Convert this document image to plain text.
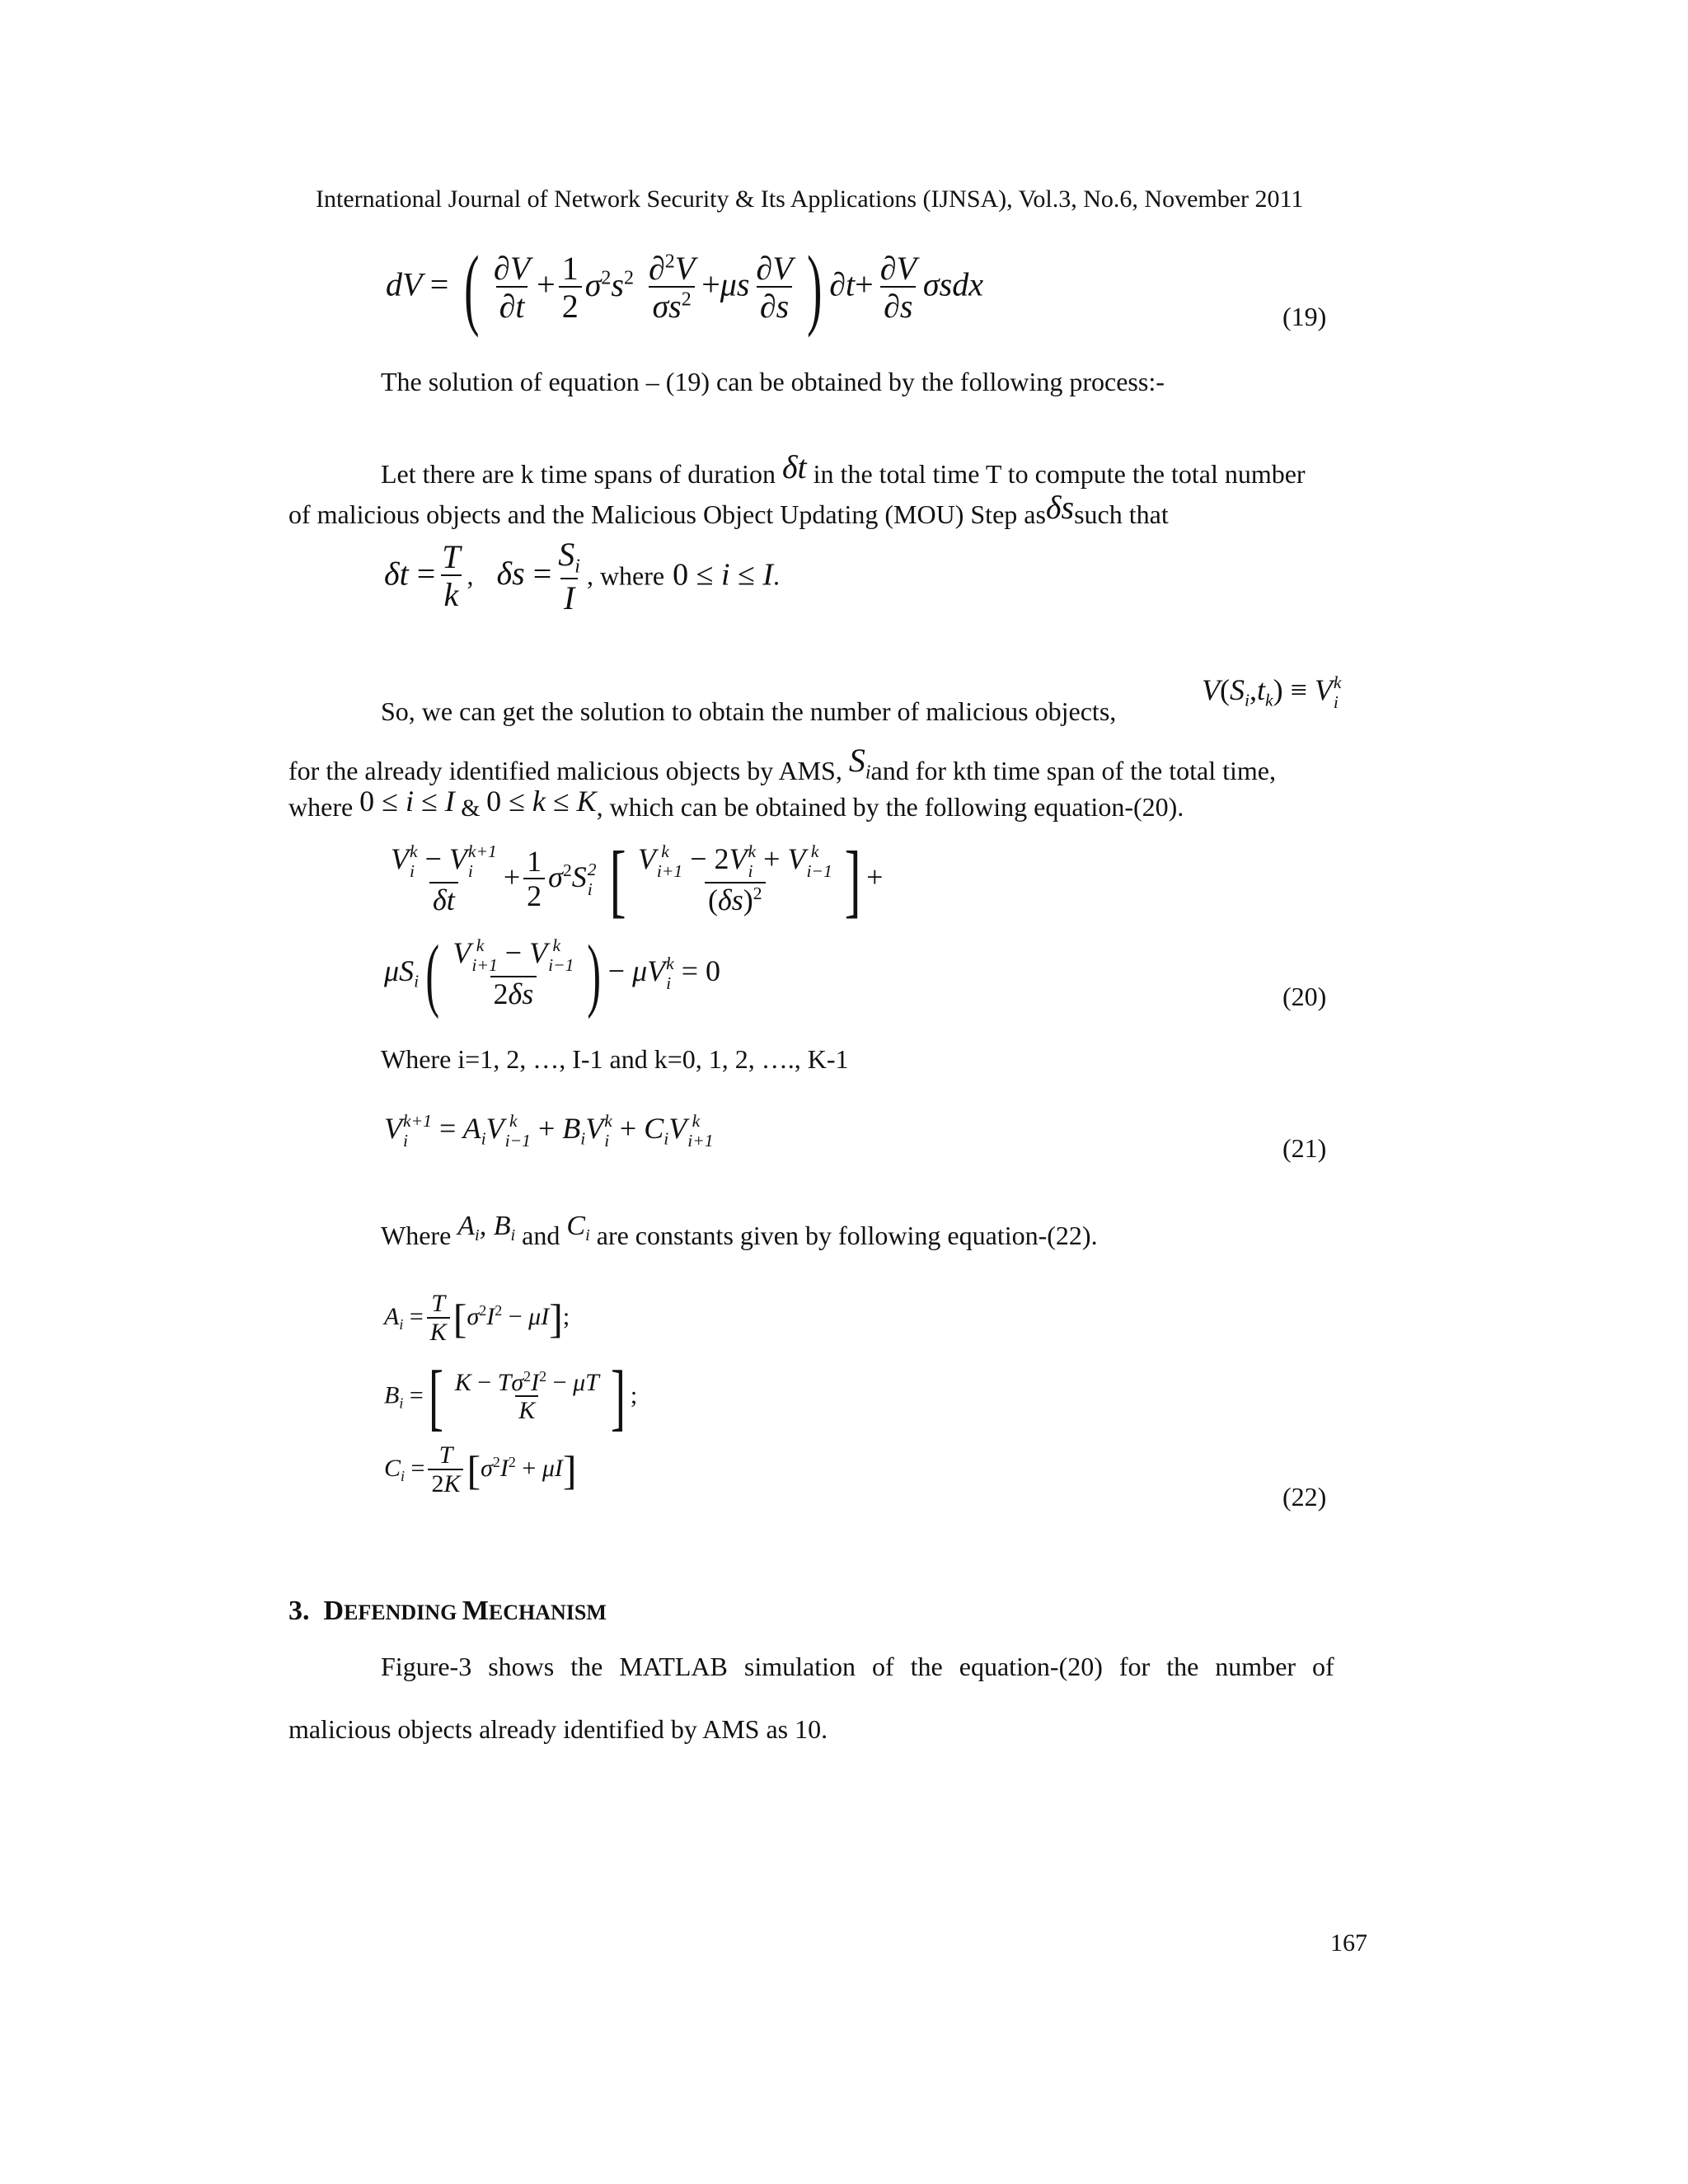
International Journal of Network Security & Its Applications (IJNSA), Vol.3, No.6, November 2011
dV = ( $\frac{\partial V}{\partial t} + \frac{1}{2} \sigma^2s^2 \frac{\partial^2V}{\sigma s^2} +\mu s \frac{\partial V}{\partial s}$ ) $\partial t+ \frac{\partial V}{\partial s}$ σsdx
(19)
The solution of equation – (19) can be obtained by the following process:-
Let there are k time spans of duration δt in the total time T to compute the total number
of malicious objects and the Malicious Object Updating (MOU) Step asδssuch that
$\delta t = \frac{T}{k}$ , $\delta s = \frac{S_i}{I}$ , where 0 ≤ i ≤ I.
So, we can get the solution to obtain the number of malicious objects,
$V(S_i,t_k) \equiv V$ k
i
for the already identified malicious objects by AMS, $S_iand$ for kth time span of the total time,
where 0 ≤ i ≤ I & 0 ≤ k ≤ K, which can be obtained by the following equation-(20).
V k
i − V k+1
i
$\delta t + \frac{1}{2} \sigma^2S$ 2
i [ V k
i+1 − 2V k
i + V k
i−1
$(\delta s)^2$ ] +
$\mu S_i$( V k
i+1 − V k
i−1
2δs ) − μV k
i = 0
(20)
Where i=1, 2, …, I-1 and k=0, 1, 2, …., K-1
V k+1
i	= $A_iV$ k
$i-1 + B_iV$ k
$i + C_iV$ k
i+1	(21)
Where $A_i$, $B_i$ and $C_i$ are constants given by following equation-(22).
$A_i = \frac{T}{K} [\sigma^2I^2 - \mu I]$;
$B_i$ =[ $\frac{K - T\sigma^2I^2 - \mu T}{K}$ ] ;
$C_i = \frac{T}{2K} [\sigma^2I^2 + \mu I]$
(22)
3. DEFENDING MECHANISM
Figure-3 shows the MATLAB simulation of the equation-(20) for the number of
malicious objects already identified by AMS as 10.
167
